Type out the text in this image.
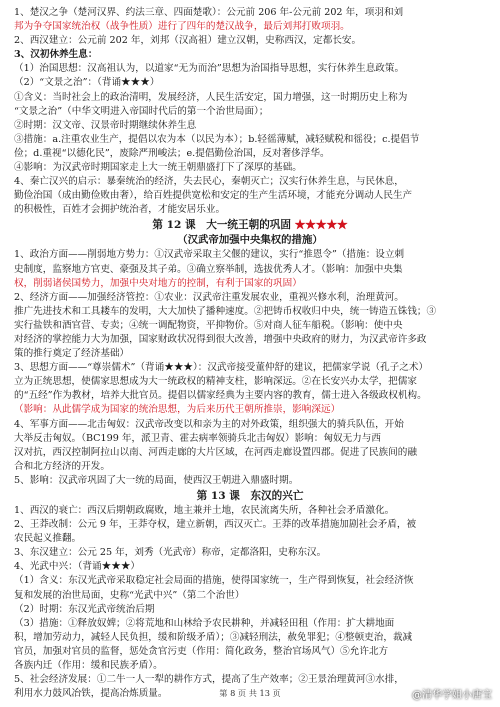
1、楚汉之争（楚河汉界、约法三章、四面楚歌）：公元前 206 年-公元前 202 年，项羽和刘
邦为争夺国家统治权（战争性质）进行了四年的楚汉战争，最后刘邦打败项羽。
2、西汉建立：公元前 202 年，刘邦（汉高祖）建立汉朝，史称西汉，定都长安。
3、汉初休养生息：
（1）治国思想：汉高祖认为，以道家“无为而治”思想为治国指导思想，实行休养生息政策。
（2）“文景之治”：（背诵★★★）
①含义：当时社会上的政治清明，发展经济，人民生活安定，国力增强，这一时期历史上称为
“文景之治”（中华文明进入帝国时代后的第一个治世局面）；
②时期：汉文帝、汉景帝时期继续休养生息
③措施：a.注重农业生产，提倡以农为本（以民为本）；b.轻徭薄赋，减轻赋税和徭役；c.提倡节
俭；d.重视“以德化民”，废除严刑峻法；e.提倡勤俭治国，反对奢侈浮华。
④影响：为汉武帝时期国家走上大一统王朝鼎盛打下了深厚的基础。
4、秦亡汉兴的启示：暴秦统治的经济，失去民心，秦朝灭亡；汉实行休养生息，与民休息，
勤俭治国（成由勤俭败由奢），给百姓提供宽松和安定的生产生活环境，才能充分调动人民生产
的积极性，百姓才会拥护统治者，才能安居乐业。
第 12 课　大一统王朝的巩固 ★★★★★
（汉武帝加强中央集权的措施）
1、政治方面——削弱地方势力：①汉武帝采取主父偃的建议，实行“推恩令”（措施：设立刺
史制度，监察地方官吏、豪强及其子弟。③确立察举制，选拔优秀人才。（影响：加强中央集
权，削弱诸侯国势力，加强中央对地方的控制，有利于国家的巩固）
2、经济方面——加强经济管控：①农业：汉武帝注重发展农业，重视兴修水利，治理黄河。
推广先进技术和工具耧车的发明，大大加快了播种速度。②把铸币权收归中央，统一铸造五铢钱；③
实行盐铁和酒官营、专卖；④统一调配物资，平抑物价。⑤对商人征车船税。（影响：使中央
对经济的掌控能力大为加强，国家财政状况得到很大改善，增强中央政府的财力，为汉武帝许多政
策的推行奠定了经济基础）
3、思想方面——“尊崇儒术”（背诵★★★）：汉武帝接受董仲舒的建议，把儒家学说（孔子之术）
立为正统思想，使儒家思想成为大一统政权的精神支柱，影响深远。②在长安兴办太学，把儒家
的“五经”作为教材，培养大批官员。提倡以儒家经典为主要内容的教育，儒士进入各级政权机构。
（影响：从此儒学成为国家的统治思想，为后来历代王朝所推崇，影响深远）
4、军事方面——北击匈奴：汉武帝改变以和亲为主的对外政策，组织强大的骑兵队伍，开始
大举反击匈奴。（BC199 年，派卫青、霍去病率领骑兵北击匈奴）影响：匈奴无力与西
汉对抗，西汉控制阿拉山以南、河西走廊的大片区域，在河西走廊设置四郡。促进了民族间的融
合和北方经济的开发。
5、影响：汉武帝巩固了大一统的局面，使西汉王朝进入鼎盛时期。
第 13 课　东汉的兴亡
1、西汉的衰亡：西汉后期朝政腐败，地主兼并土地，农民流离失所，各种社会矛盾激化。
2、王莽改制：公元 9 年，王莽夺权，建立新朝，西汉灭亡。王莽的改革措施加剧社会矛盾，被
农民起义推翻。
3、东汉建立：公元 25 年，刘秀（光武帝）称帝，定都洛阳，史称东汉。
4、光武中兴：（背诵★★★）
（1）含义：东汉光武帝采取稳定社会局面的措施，使得国家统一，生产得到恢复，社会经济恢
复和发展的治世局面，史称“光武中兴”（第二个治世）
（2）时期：东汉光武帝统治后期
（3）措施：①释放奴婢；②将荒地和山林给予农民耕种，并减轻田租（作用：扩大耕地面
积，增加劳动力，减轻人民负担，缓和阶级矛盾）；③减轻刑法，赦免罪犯；④整顿吏治，裁减
官员，加强对官员的监督，惩处贪官污吏（作用：简化政务，整治官场风气）⑤允许北方
各族内迁（作用：缓和民族矛盾）。
5、社会经济发展：①二牛一人一犁的耕作方式，提高了生产效率；②王景治理黄河③水排，
利用水力鼓风冶铁，提高冶炼质量。	第 8 页 共 13 页	@清华学姐小唐宝
